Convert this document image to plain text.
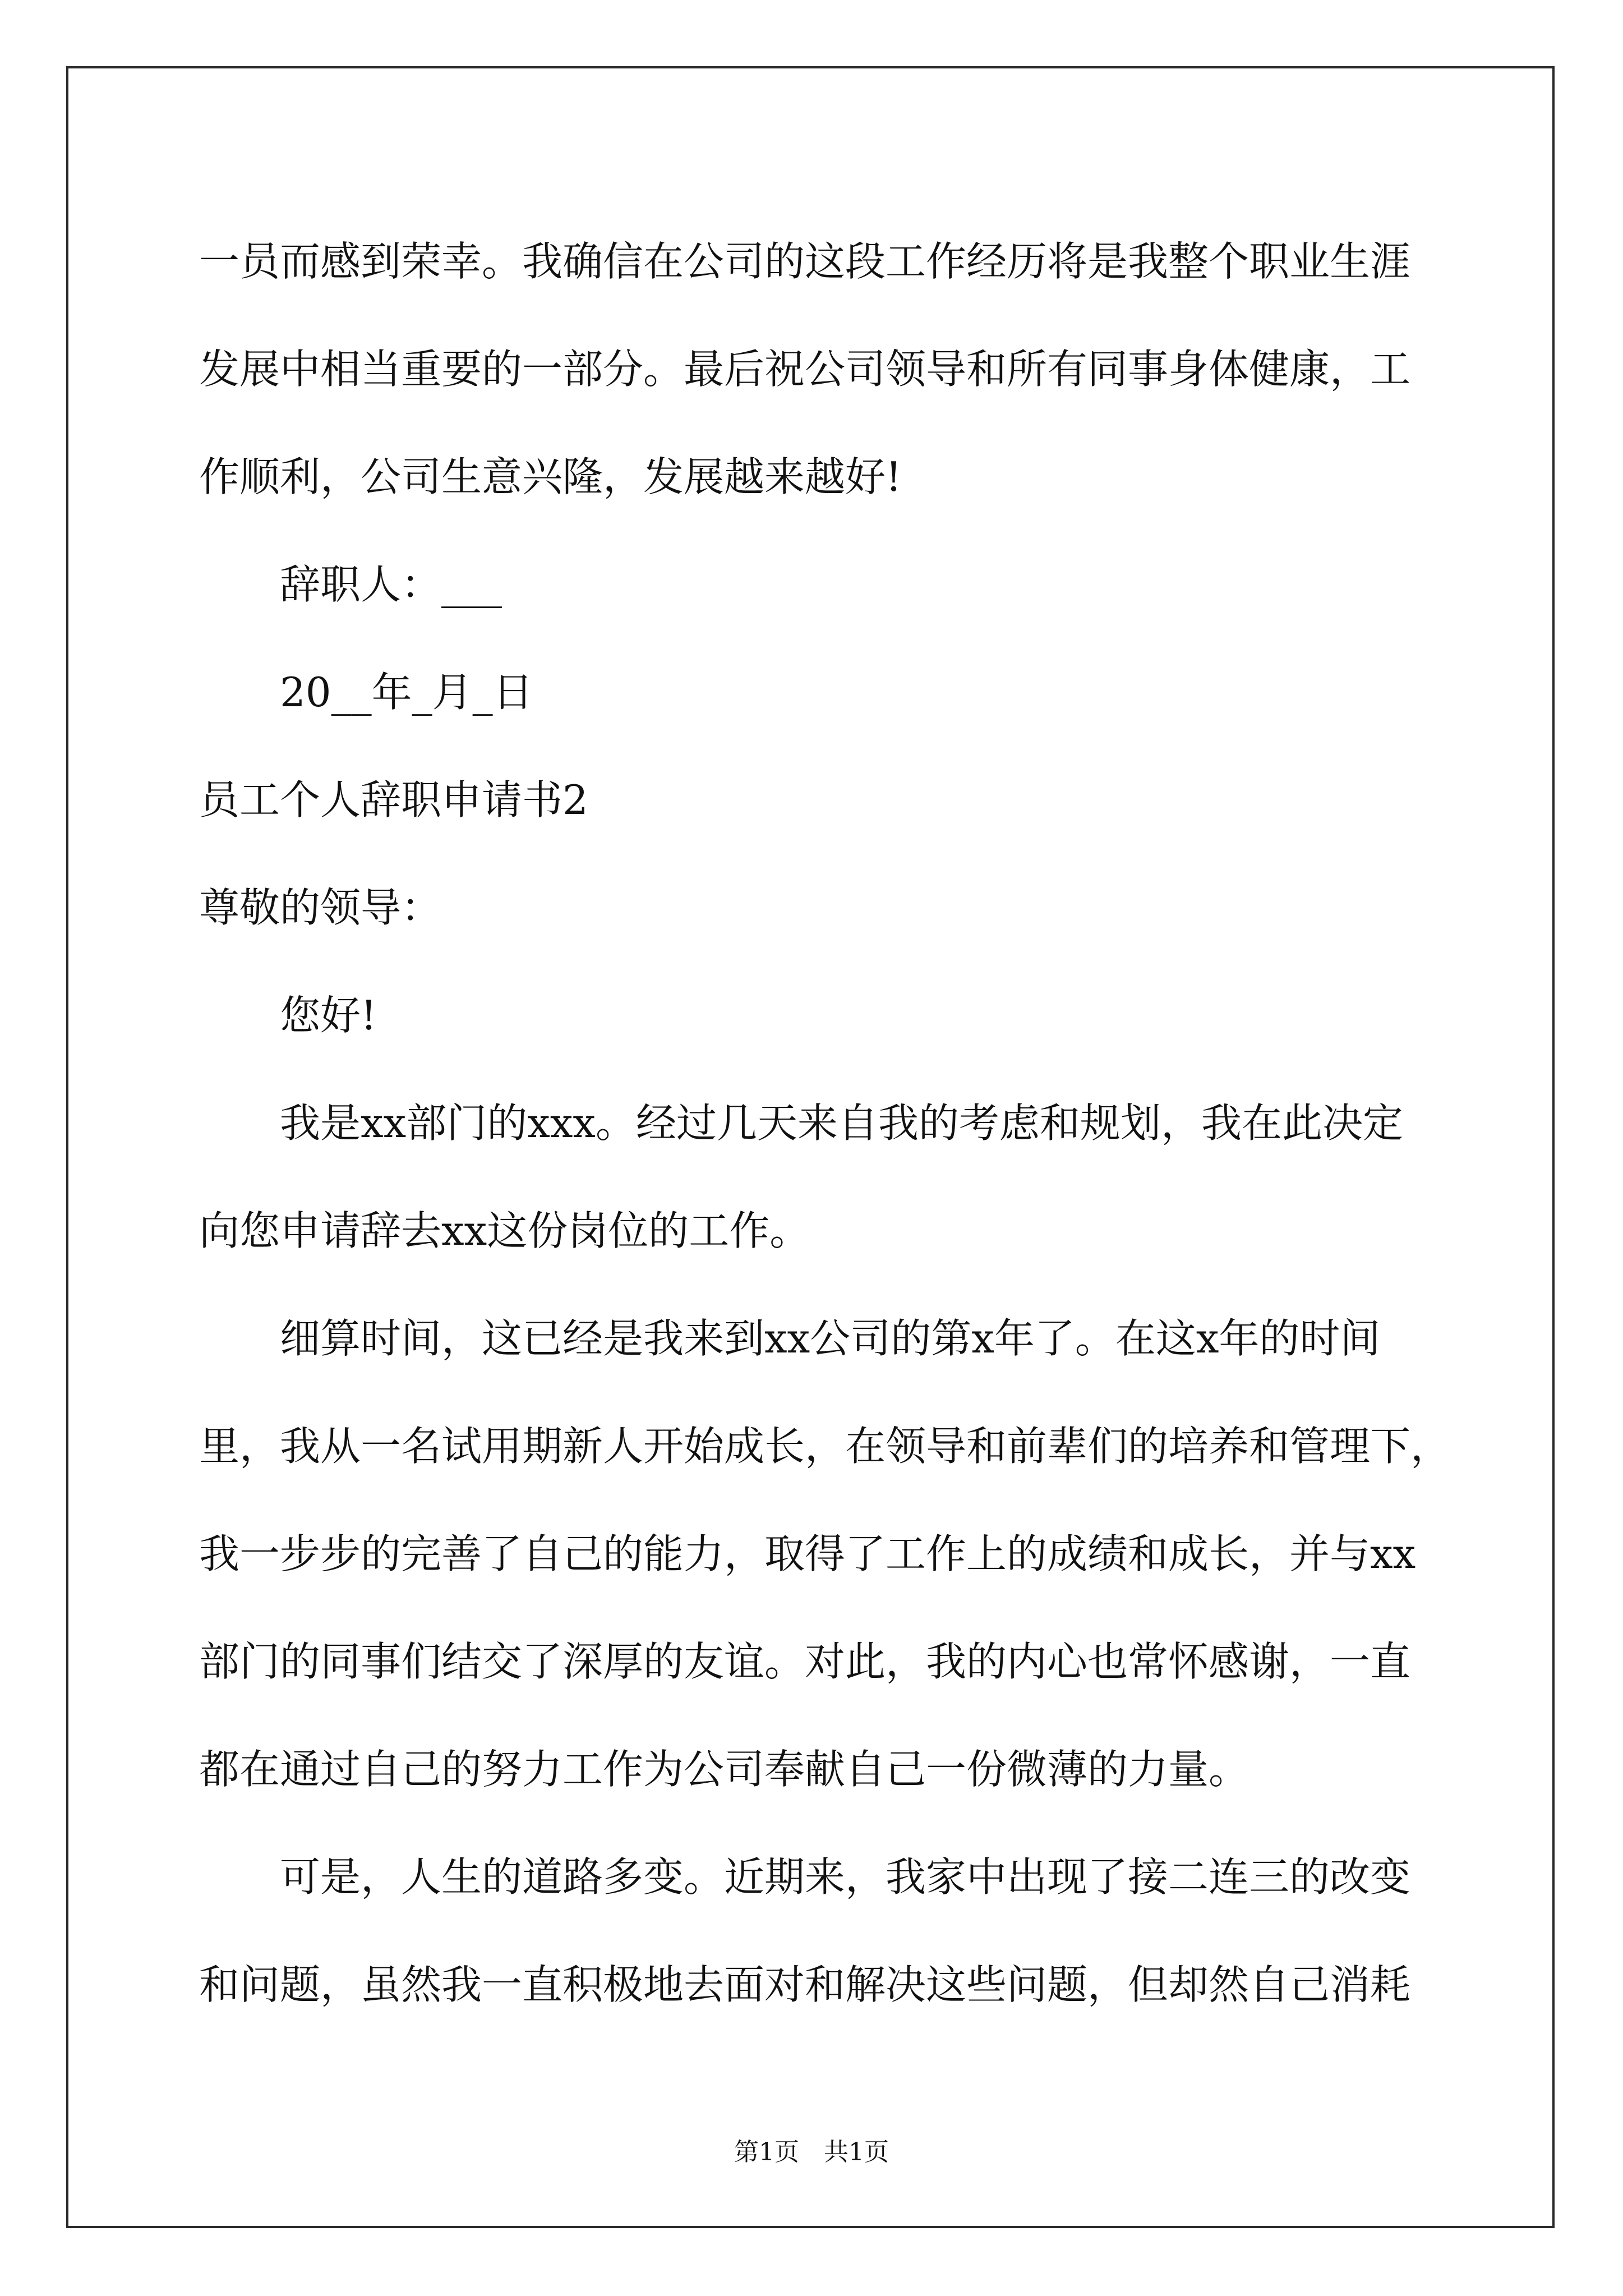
一员而感到荣幸。我确信在公司的这段工作经历将是我整个职业生涯
发展中相当重要的一部分。最后祝公司领导和所有同事身体健康，工
作顺利，公司生意兴隆，发展越来越好!
辞职人：___
20__年_月_日
员工个人辞职申请书2
尊敬的领导：
您好!
我是xx部门的xxx。经过几天来自我的考虑和规划，我在此决定
向您申请辞去xx这份岗位的工作。
细算时间，这已经是我来到xx公司的第x年了。在这x年的时间
里，我从一名试用期新人开始成长，在领导和前辈们的培养和管理下，
我一步步的完善了自己的能力，取得了工作上的成绩和成长，并与xx
部门的同事们结交了深厚的友谊。对此，我的内心也常怀感谢，一直
都在通过自己的努力工作为公司奉献自己一份微薄的力量。
可是，人生的道路多变。近期来，我家中出现了接二连三的改变
和问题，虽然我一直积极地去面对和解决这些问题，但却然自己消耗
第1页　共1页
